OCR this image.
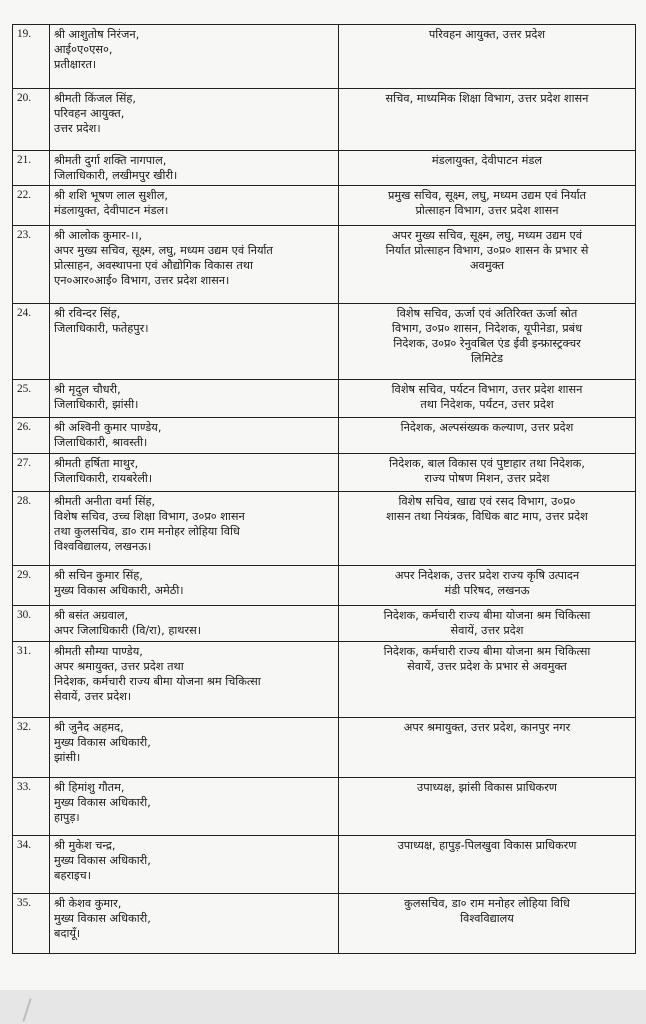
19.	श्री आशुतोष निरंजन,
आई०ए०एस०,
प्रतीक्षारत।	परिवहन आयुक्त, उत्तर प्रदेश

20.	श्रीमती किंजल सिंह,
परिवहन आयुक्त,
उत्तर प्रदेश।	सचिव, माध्यमिक शिक्षा विभाग, उत्तर प्रदेश शासन

21.	श्रीमती दुर्गा शक्ति नागपाल,
जिलाधिकारी, लखीमपुर खीरी।	मंडलायुक्त, देवीपाटन मंडल

22.	श्री शशि भूषण लाल सुशील,
मंडलायुक्त, देवीपाटन मंडल।	प्रमुख सचिव, सूक्ष्म, लघु, मध्यम उद्यम एवं निर्यात
प्रोत्साहन विभाग, उत्तर प्रदेश शासन

23.	श्री आलोक कुमार-।।,
अपर मुख्य सचिव, सूक्ष्म, लघु, मध्यम उद्यम एवं निर्यात
प्रोत्साहन, अवस्थापना एवं औद्योगिक विकास तथा
एन०आर०आई० विभाग, उत्तर प्रदेश शासन।	अपर मुख्य सचिव, सूक्ष्म, लघु, मध्यम उद्यम एवं
निर्यात प्रोत्साहन विभाग, उ०प्र० शासन के प्रभार से
अवमुक्त

24.	श्री रविन्दर सिंह,
जिलाधिकारी, फतेहपुर।	विशेष सचिव, ऊर्जा एवं अतिरिक्त ऊर्जा स्रोत
विभाग, उ०प्र० शासन, निदेशक, यूपीनेडा, प्रबंध
निदेशक, उ०प्र० रेनुवबिल एंड ईवी इन्फ्रास्ट्रक्चर
लिमिटेड

25.	श्री मृदुल चौधरी,
जिलाधिकारी, झांसी।	विशेष सचिव, पर्यटन विभाग, उत्तर प्रदेश शासन
तथा निदेशक, पर्यटन, उत्तर प्रदेश

26.	श्री अश्विनी कुमार पाण्डेय,
जिलाधिकारी, श्रावस्ती।	निदेशक, अल्पसंख्यक कल्याण, उत्तर प्रदेश

27.	श्रीमती हर्षिता माथुर,
जिलाधिकारी, रायबरेली।	निदेशक, बाल विकास एवं पुष्टाहार तथा निदेशक,
राज्य पोषण मिशन, उत्तर प्रदेश

28.	श्रीमती अनीता वर्मा सिंह,
विशेष सचिव, उच्च शिक्षा विभाग, उ०प्र० शासन
तथा कुलसचिव, डा० राम मनोहर लोहिया विधि
विश्वविद्यालय, लखनऊ।	विशेष सचिव, खाद्य एवं रसद विभाग, उ०प्र०
शासन तथा नियंत्रक, विधिक बाट माप, उत्तर प्रदेश

29.	श्री सचिन कुमार सिंह,
मुख्य विकास अधिकारी, अमेठी।	अपर निदेशक, उत्तर प्रदेश राज्य कृषि उत्पादन
मंडी परिषद, लखनऊ

30.	श्री बसंत अग्रवाल,
अपर जिलाधिकारी (वि/रा), हाथरस।	निदेशक, कर्मचारी राज्य बीमा योजना श्रम चिकित्सा
सेवायें, उत्तर प्रदेश

31.	श्रीमती सौम्या पाण्डेय,
अपर श्रमायुक्त, उत्तर प्रदेश तथा
निदेशक, कर्मचारी राज्य बीमा योजना श्रम चिकित्सा
सेवायें, उत्तर प्रदेश।	निदेशक, कर्मचारी राज्य बीमा योजना श्रम चिकित्सा
सेवायें, उत्तर प्रदेश के प्रभार से अवमुक्त

32.	श्री जुनैद अहमद,
मुख्य विकास अधिकारी,
झांसी।	अपर श्रमायुक्त, उत्तर प्रदेश, कानपुर नगर

33.	श्री हिमांशु गौतम,
मुख्य विकास अधिकारी,
हापुड़।	उपाध्यक्ष, झांसी विकास प्राधिकरण

34.	श्री मुकेश चन्द्र,
मुख्य विकास अधिकारी,
बहराइच।	उपाध्यक्ष, हापुड़-पिलखुवा विकास प्राधिकरण

35.	श्री केशव कुमार,
मुख्य विकास अधिकारी,
बदायूँ।	कुलसचिव, डा० राम मनोहर लोहिया विधि
विश्वविद्यालय
